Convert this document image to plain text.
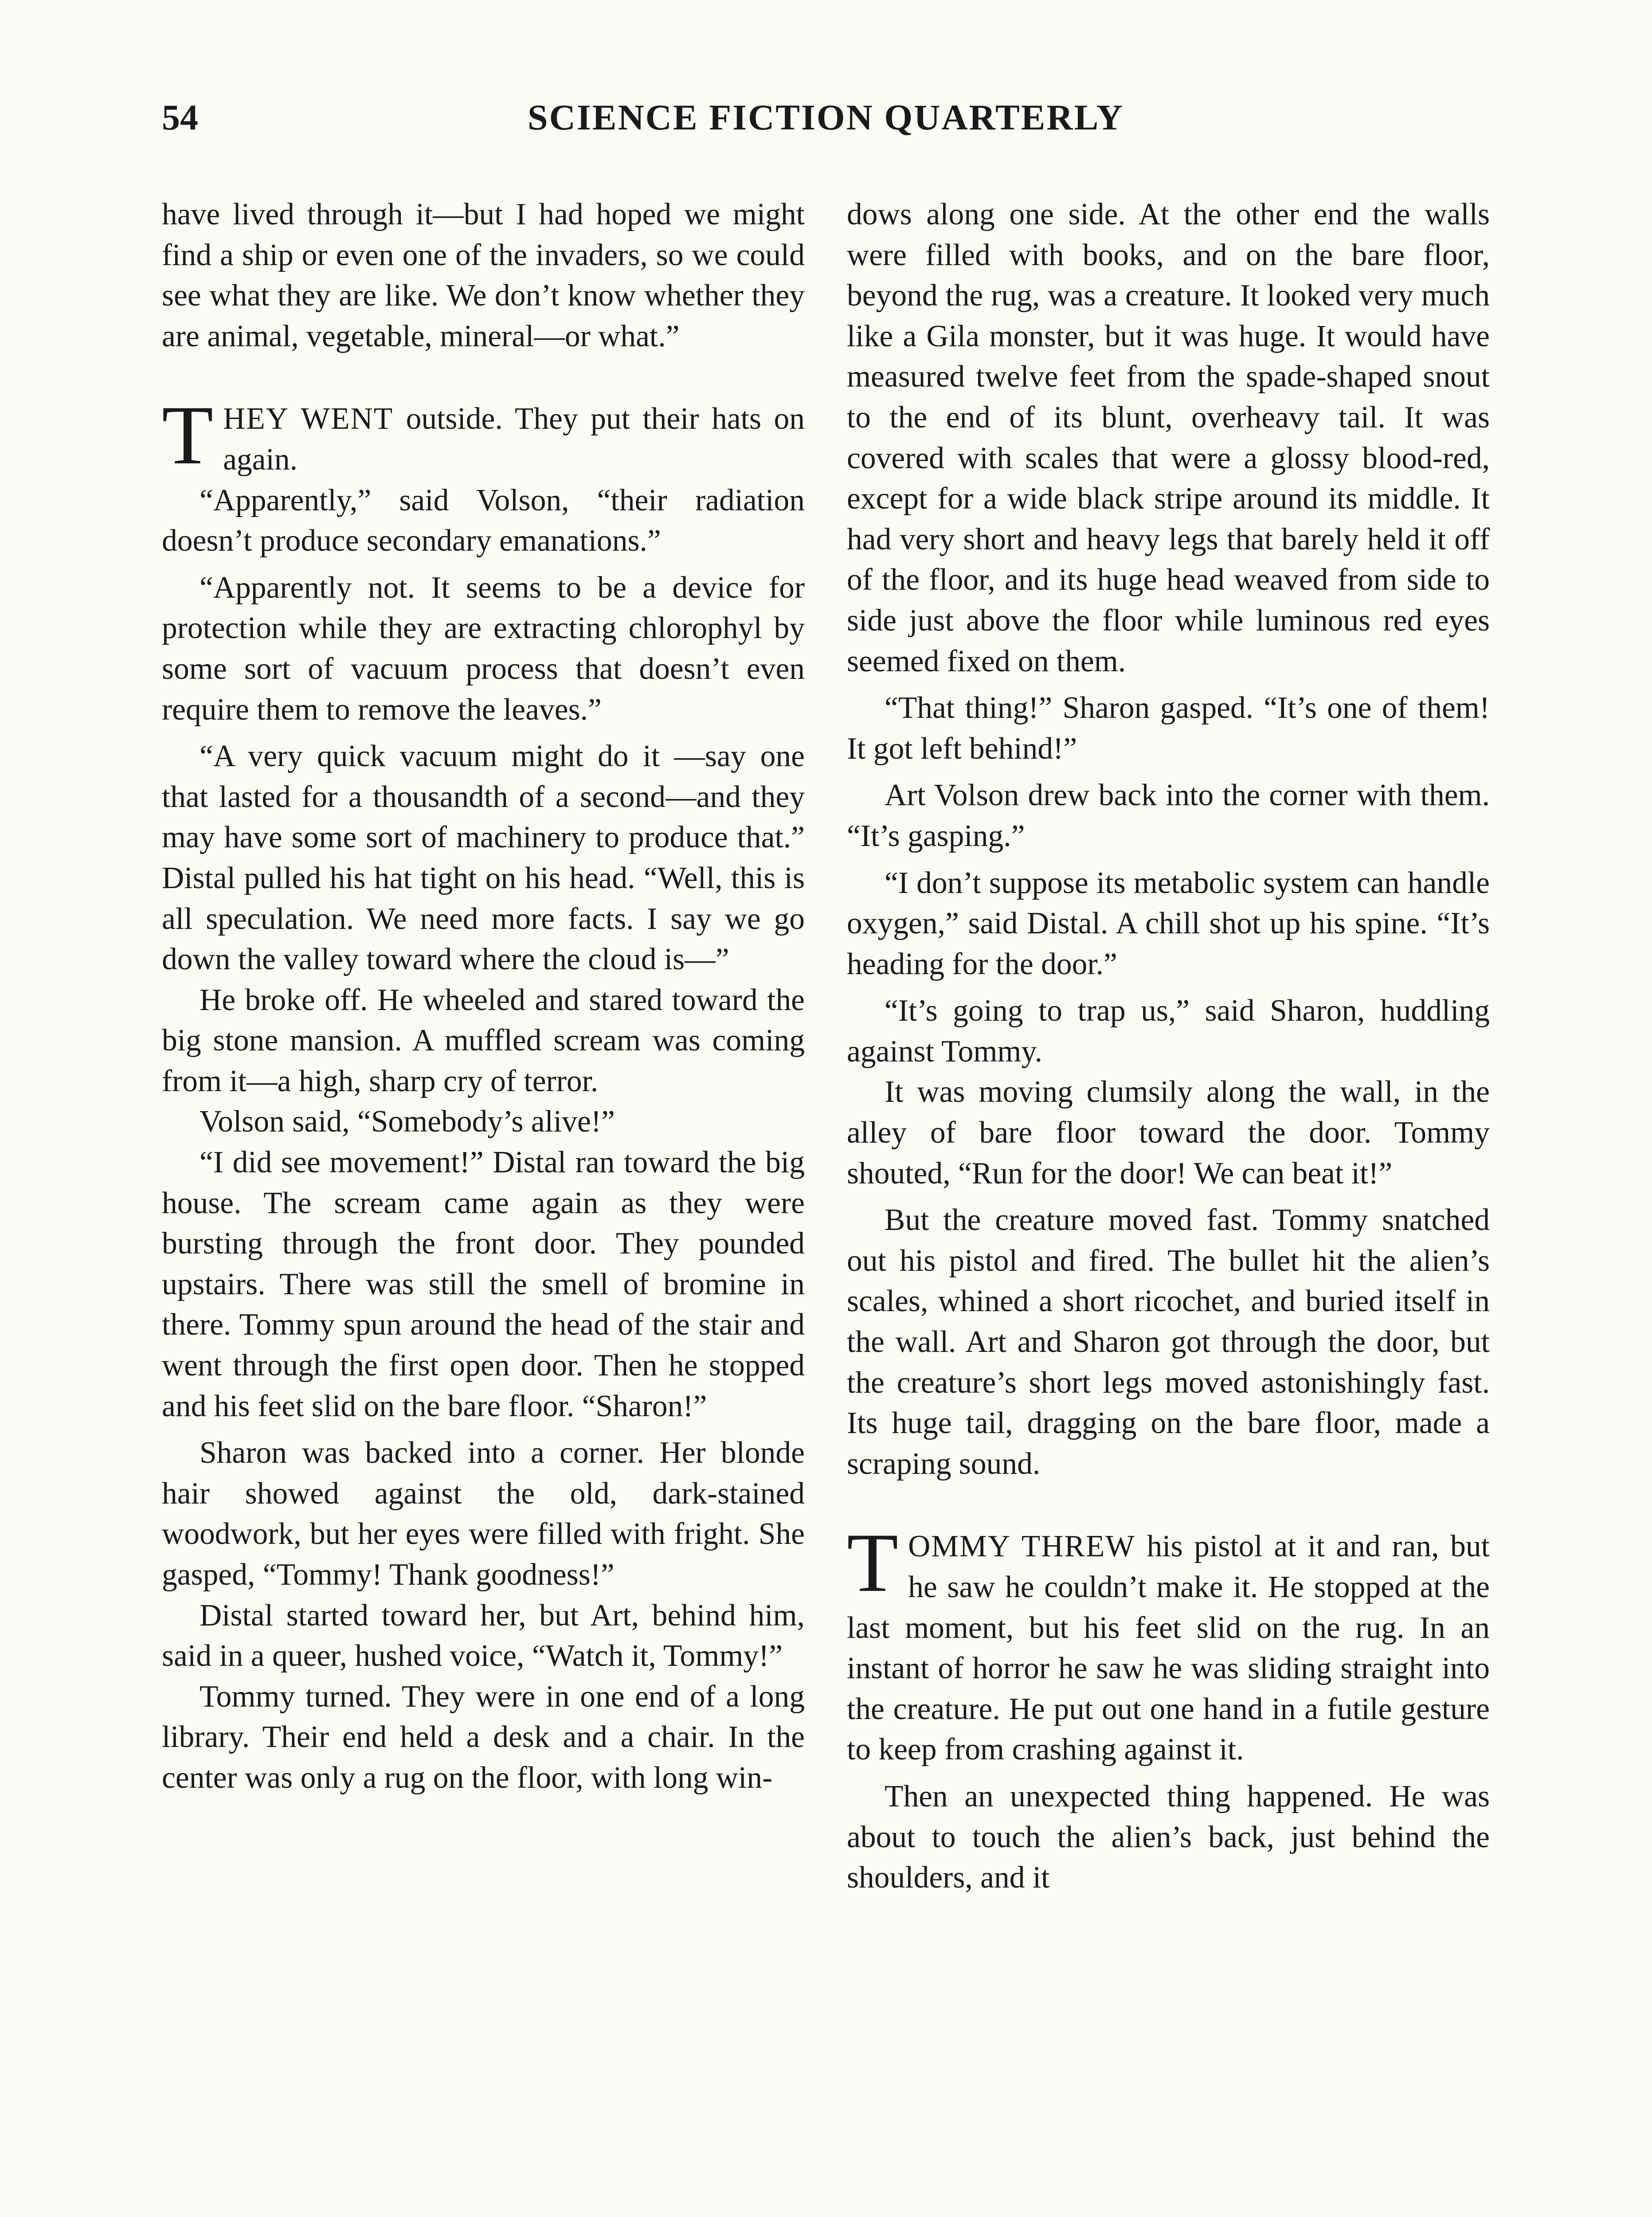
54	SCIENCE FICTION QUARTERLY

have lived through it—but I had hoped we might find a ship or even one of the invaders, so we could see what they are like. We don’t know whether they are animal, vegetable, mineral—or what.”

THEY WENT outside. They put their hats on again.

“Apparently,” said Volson, “their radiation doesn’t produce secondary emanations.”

“Apparently not. It seems to be a device for protection while they are extracting chlorophyl by some sort of vacuum process that doesn’t even require them to remove the leaves.”

“A very quick vacuum might do it —say one that lasted for a thousandth of a second—and they may have some sort of machinery to produce that.” Distal pulled his hat tight on his head. “Well, this is all speculation. We need more facts. I say we go down the valley toward where the cloud is—”

He broke off. He wheeled and stared toward the big stone mansion. A muffled scream was coming from it—a high, sharp cry of terror.

Volson said, “Somebody’s alive!”

“I did see movement!” Distal ran toward the big house. The scream came again as they were bursting through the front door. They pounded upstairs. There was still the smell of bromine in there. Tommy spun around the head of the stair and went through the first open door. Then he stopped and his feet slid on the bare floor. “Sharon!”

Sharon was backed into a corner. Her blonde hair showed against the old, dark-stained woodwork, but her eyes were filled with fright. She gasped, “Tommy! Thank goodness!”

Distal started toward her, but Art, behind him, said in a queer, hushed voice, “Watch it, Tommy!”

Tommy turned. They were in one end of a long library. Their end held a desk and a chair. In the center was only a rug on the floor, with long win-

dows along one side. At the other end the walls were filled with books, and on the bare floor, beyond the rug, was a creature. It looked very much like a Gila monster, but it was huge. It would have measured twelve feet from the spade-shaped snout to the end of its blunt, overheavy tail. It was covered with scales that were a glossy blood-red, except for a wide black stripe around its middle. It had very short and heavy legs that barely held it off of the floor, and its huge head weaved from side to side just above the floor while luminous red eyes seemed fixed on them.

“That thing!” Sharon gasped. “It’s one of them! It got left behind!”

Art Volson drew back into the corner with them. “It’s gasping.”

“I don’t suppose its metabolic system can handle oxygen,” said Distal. A chill shot up his spine. “It’s heading for the door.”

“It’s going to trap us,” said Sharon, huddling against Tommy.

It was moving clumsily along the wall, in the alley of bare floor toward the door. Tommy shouted, “Run for the door! We can beat it!”

But the creature moved fast. Tommy snatched out his pistol and fired. The bullet hit the alien’s scales, whined a short ricochet, and buried itself in the wall. Art and Sharon got through the door, but the creature’s short legs moved astonishingly fast. Its huge tail, dragging on the bare floor, made a scraping sound.

TOMMY THREW his pistol at it and ran, but he saw he couldn’t make it. He stopped at the last moment, but his feet slid on the rug. In an instant of horror he saw he was sliding straight into the creature. He put out one hand in a futile gesture to keep from crashing against it.

Then an unexpected thing happened. He was about to touch the alien’s back, just behind the shoulders, and it
